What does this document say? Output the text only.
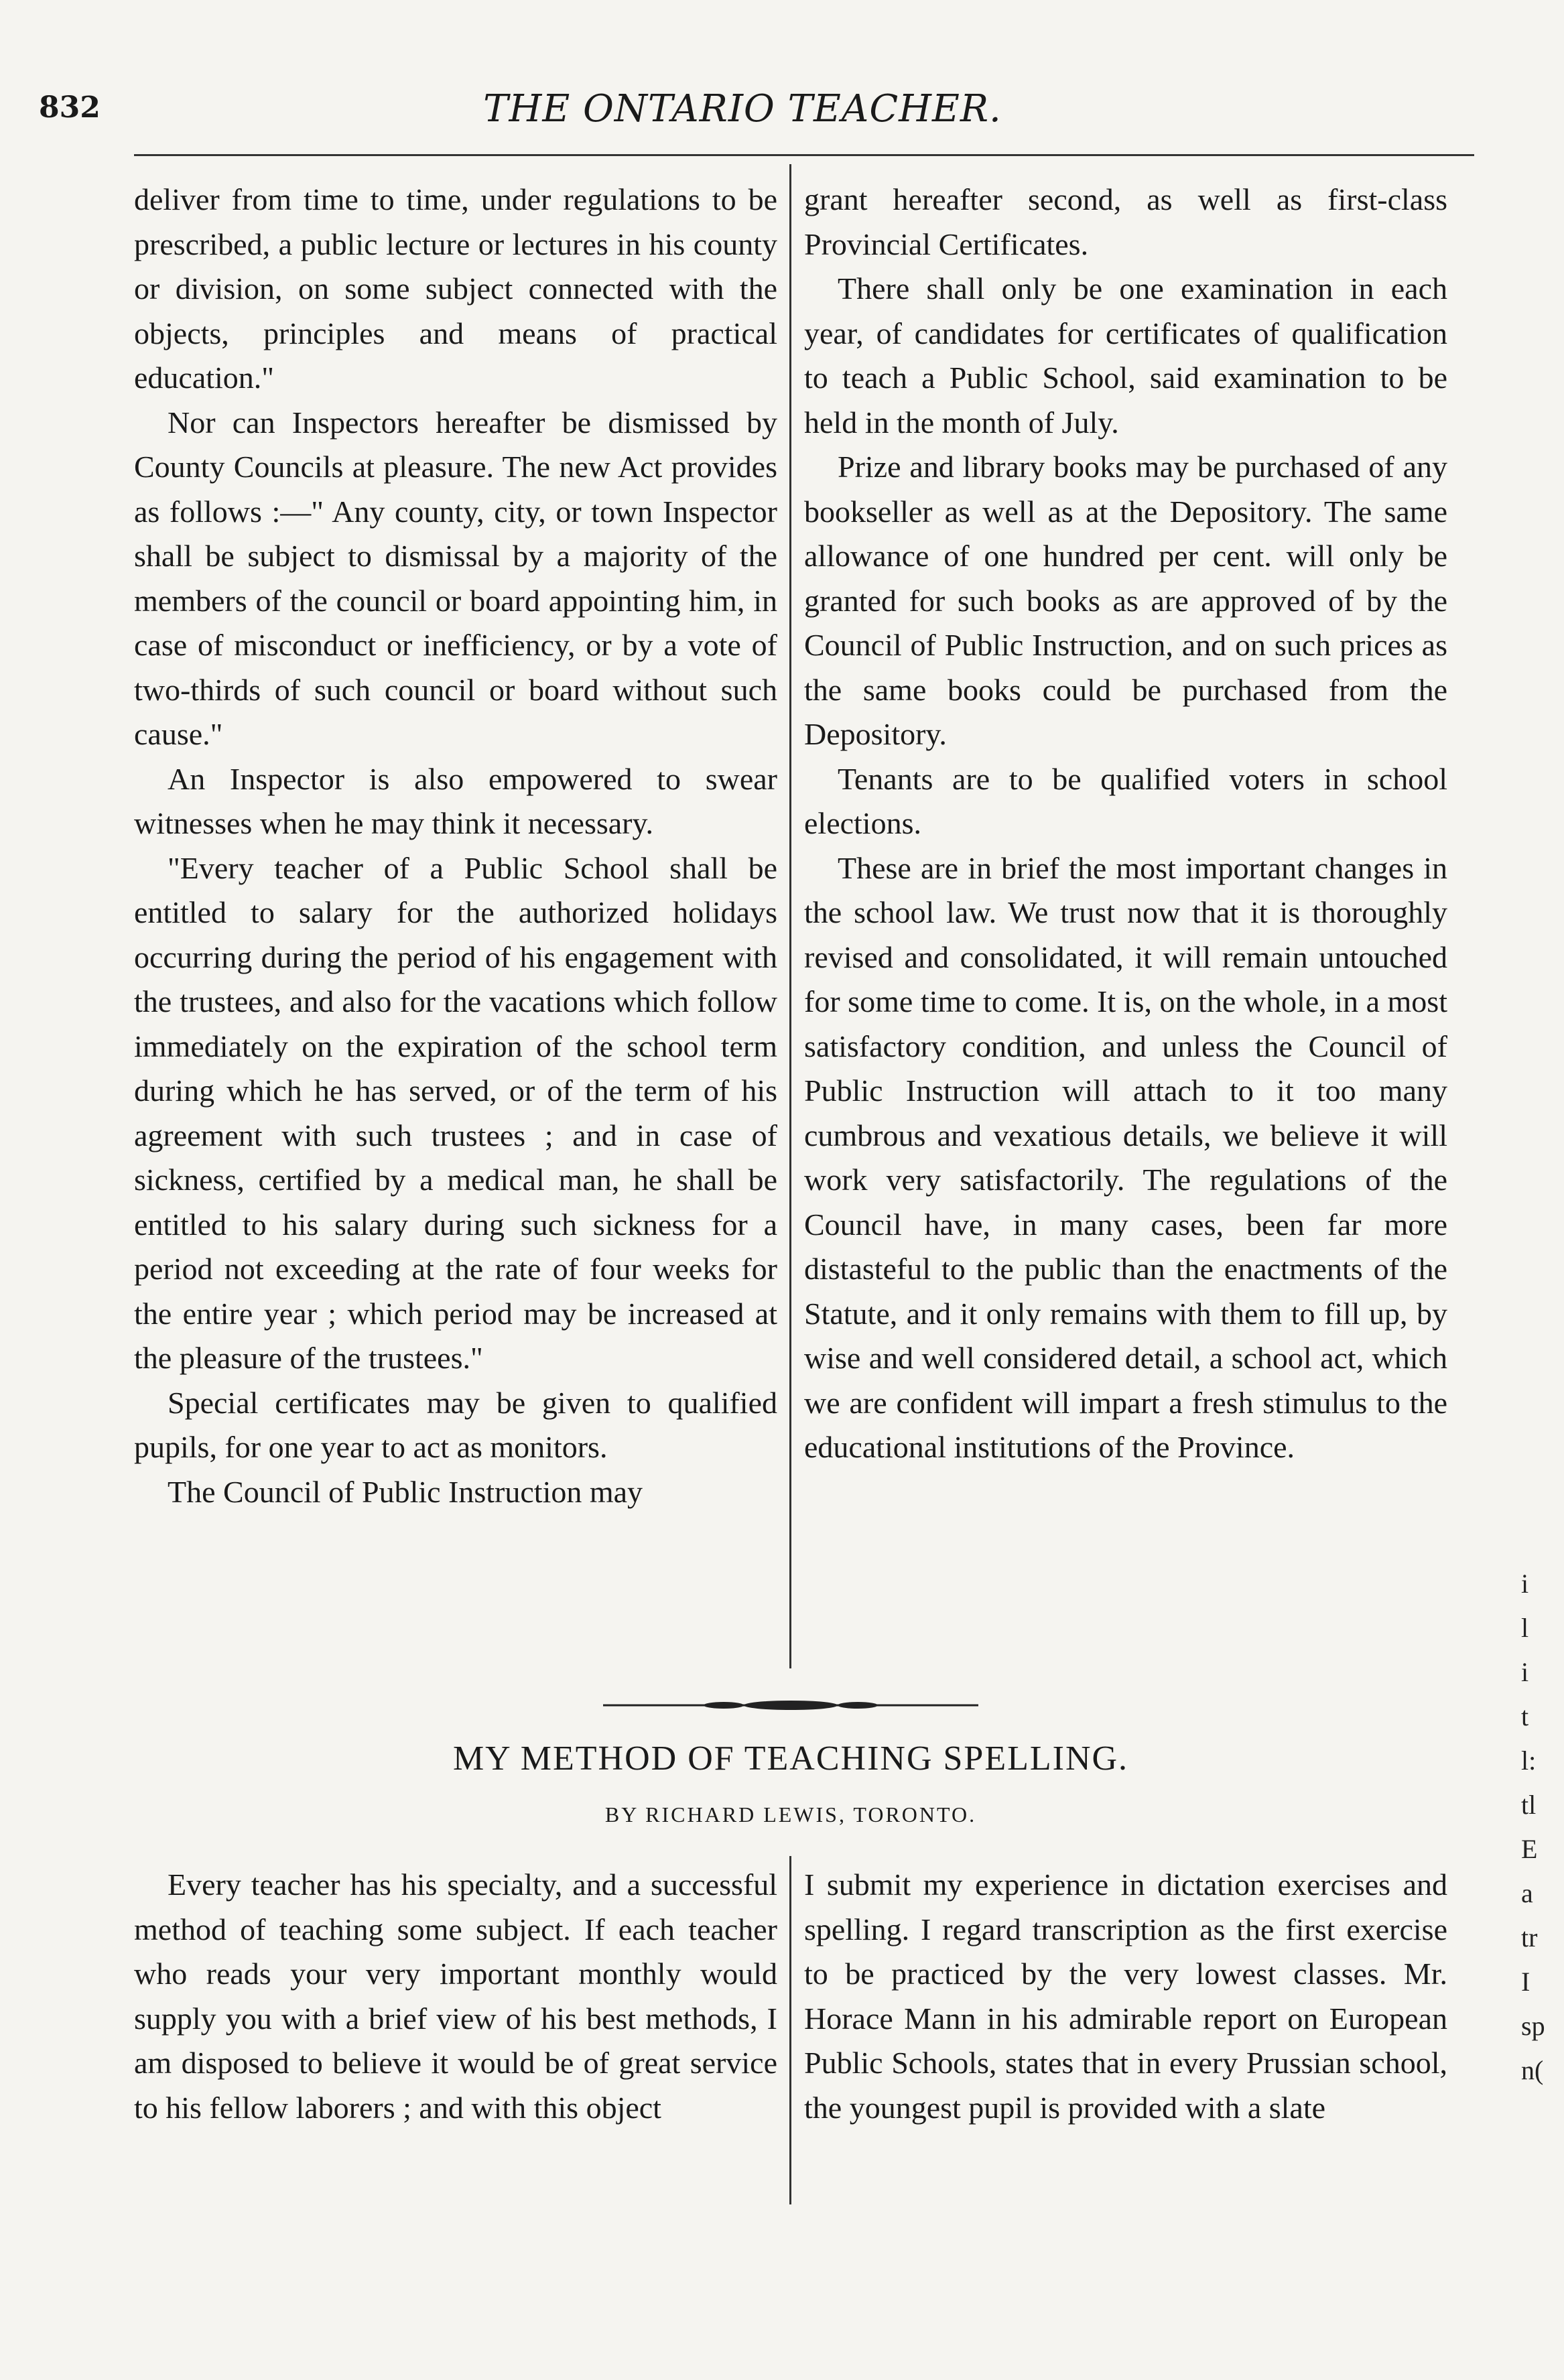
832	THE ONTARIO TEACHER.

deliver from time to time, under regulations to be prescribed, a public lecture or lectures in his county or division, on some subject connected with the objects, principles and means of practical education."

Nor can Inspectors hereafter be dismissed by County Councils at pleasure. The new Act provides as follows :—" Any county, city, or town Inspector shall be subject to dismissal by a majority of the members of the council or board appointing him, in case of misconduct or inefficiency, or by a vote of two-thirds of such council or board without such cause."

An Inspector is also empowered to swear witnesses when he may think it necessary.

"Every teacher of a Public School shall be entitled to salary for the authorized holidays occurring during the period of his engagement with the trustees, and also for the vacations which follow immediately on the expiration of the school term during which he has served, or of the term of his agreement with such trustees ; and in case of sickness, certified by a medical man, he shall be entitled to his salary during such sickness for a period not exceeding at the rate of four weeks for the entire year ; which period may be increased at the pleasure of the trustees."

Special certificates may be given to qualified pupils, for one year to act as monitors.

The Council of Public Instruction may

grant hereafter second, as well as first-class Provincial Certificates.

There shall only be one examination in each year, of candidates for certificates of qualification to teach a Public School, said examination to be held in the month of July.

Prize and library books may be purchased of any bookseller as well as at the Depository. The same allowance of one hundred per cent. will only be granted for such books as are approved of by the Council of Public Instruction, and on such prices as the same books could be purchased from the Depository.

Tenants are to be qualified voters in school elections.

These are in brief the most important changes in the school law. We trust now that it is thoroughly revised and consolidated, it will remain untouched for some time to come. It is, on the whole, in a most satisfactory condition, and unless the Council of Public Instruction will attach to it too many cumbrous and vexatious details, we believe it will work very satisfactorily. The regulations of the Council have, in many cases, been far more distasteful to the public than the enactments of the Statute, and it only remains with them to fill up, by wise and well considered detail, a school act, which we are confident will impart a fresh stimulus to the educational institutions of the Province.

MY METHOD OF TEACHING SPELLING.
BY RICHARD LEWIS, TORONTO.

Every teacher has his specialty, and a successful method of teaching some subject. If each teacher who reads your very important monthly would supply you with a brief view of his best methods, I am disposed to believe it would be of great service to his fellow laborers ; and with this object

I submit my experience in dictation exercises and spelling. I regard transcription as the first exercise to be practiced by the very lowest classes. Mr. Horace Mann in his admirable report on European Public Schools, states that in every Prussian school, the youngest pupil is provided with a slate

i
l
i
t
l:
tl
E
a
tr
I
sp
n(
